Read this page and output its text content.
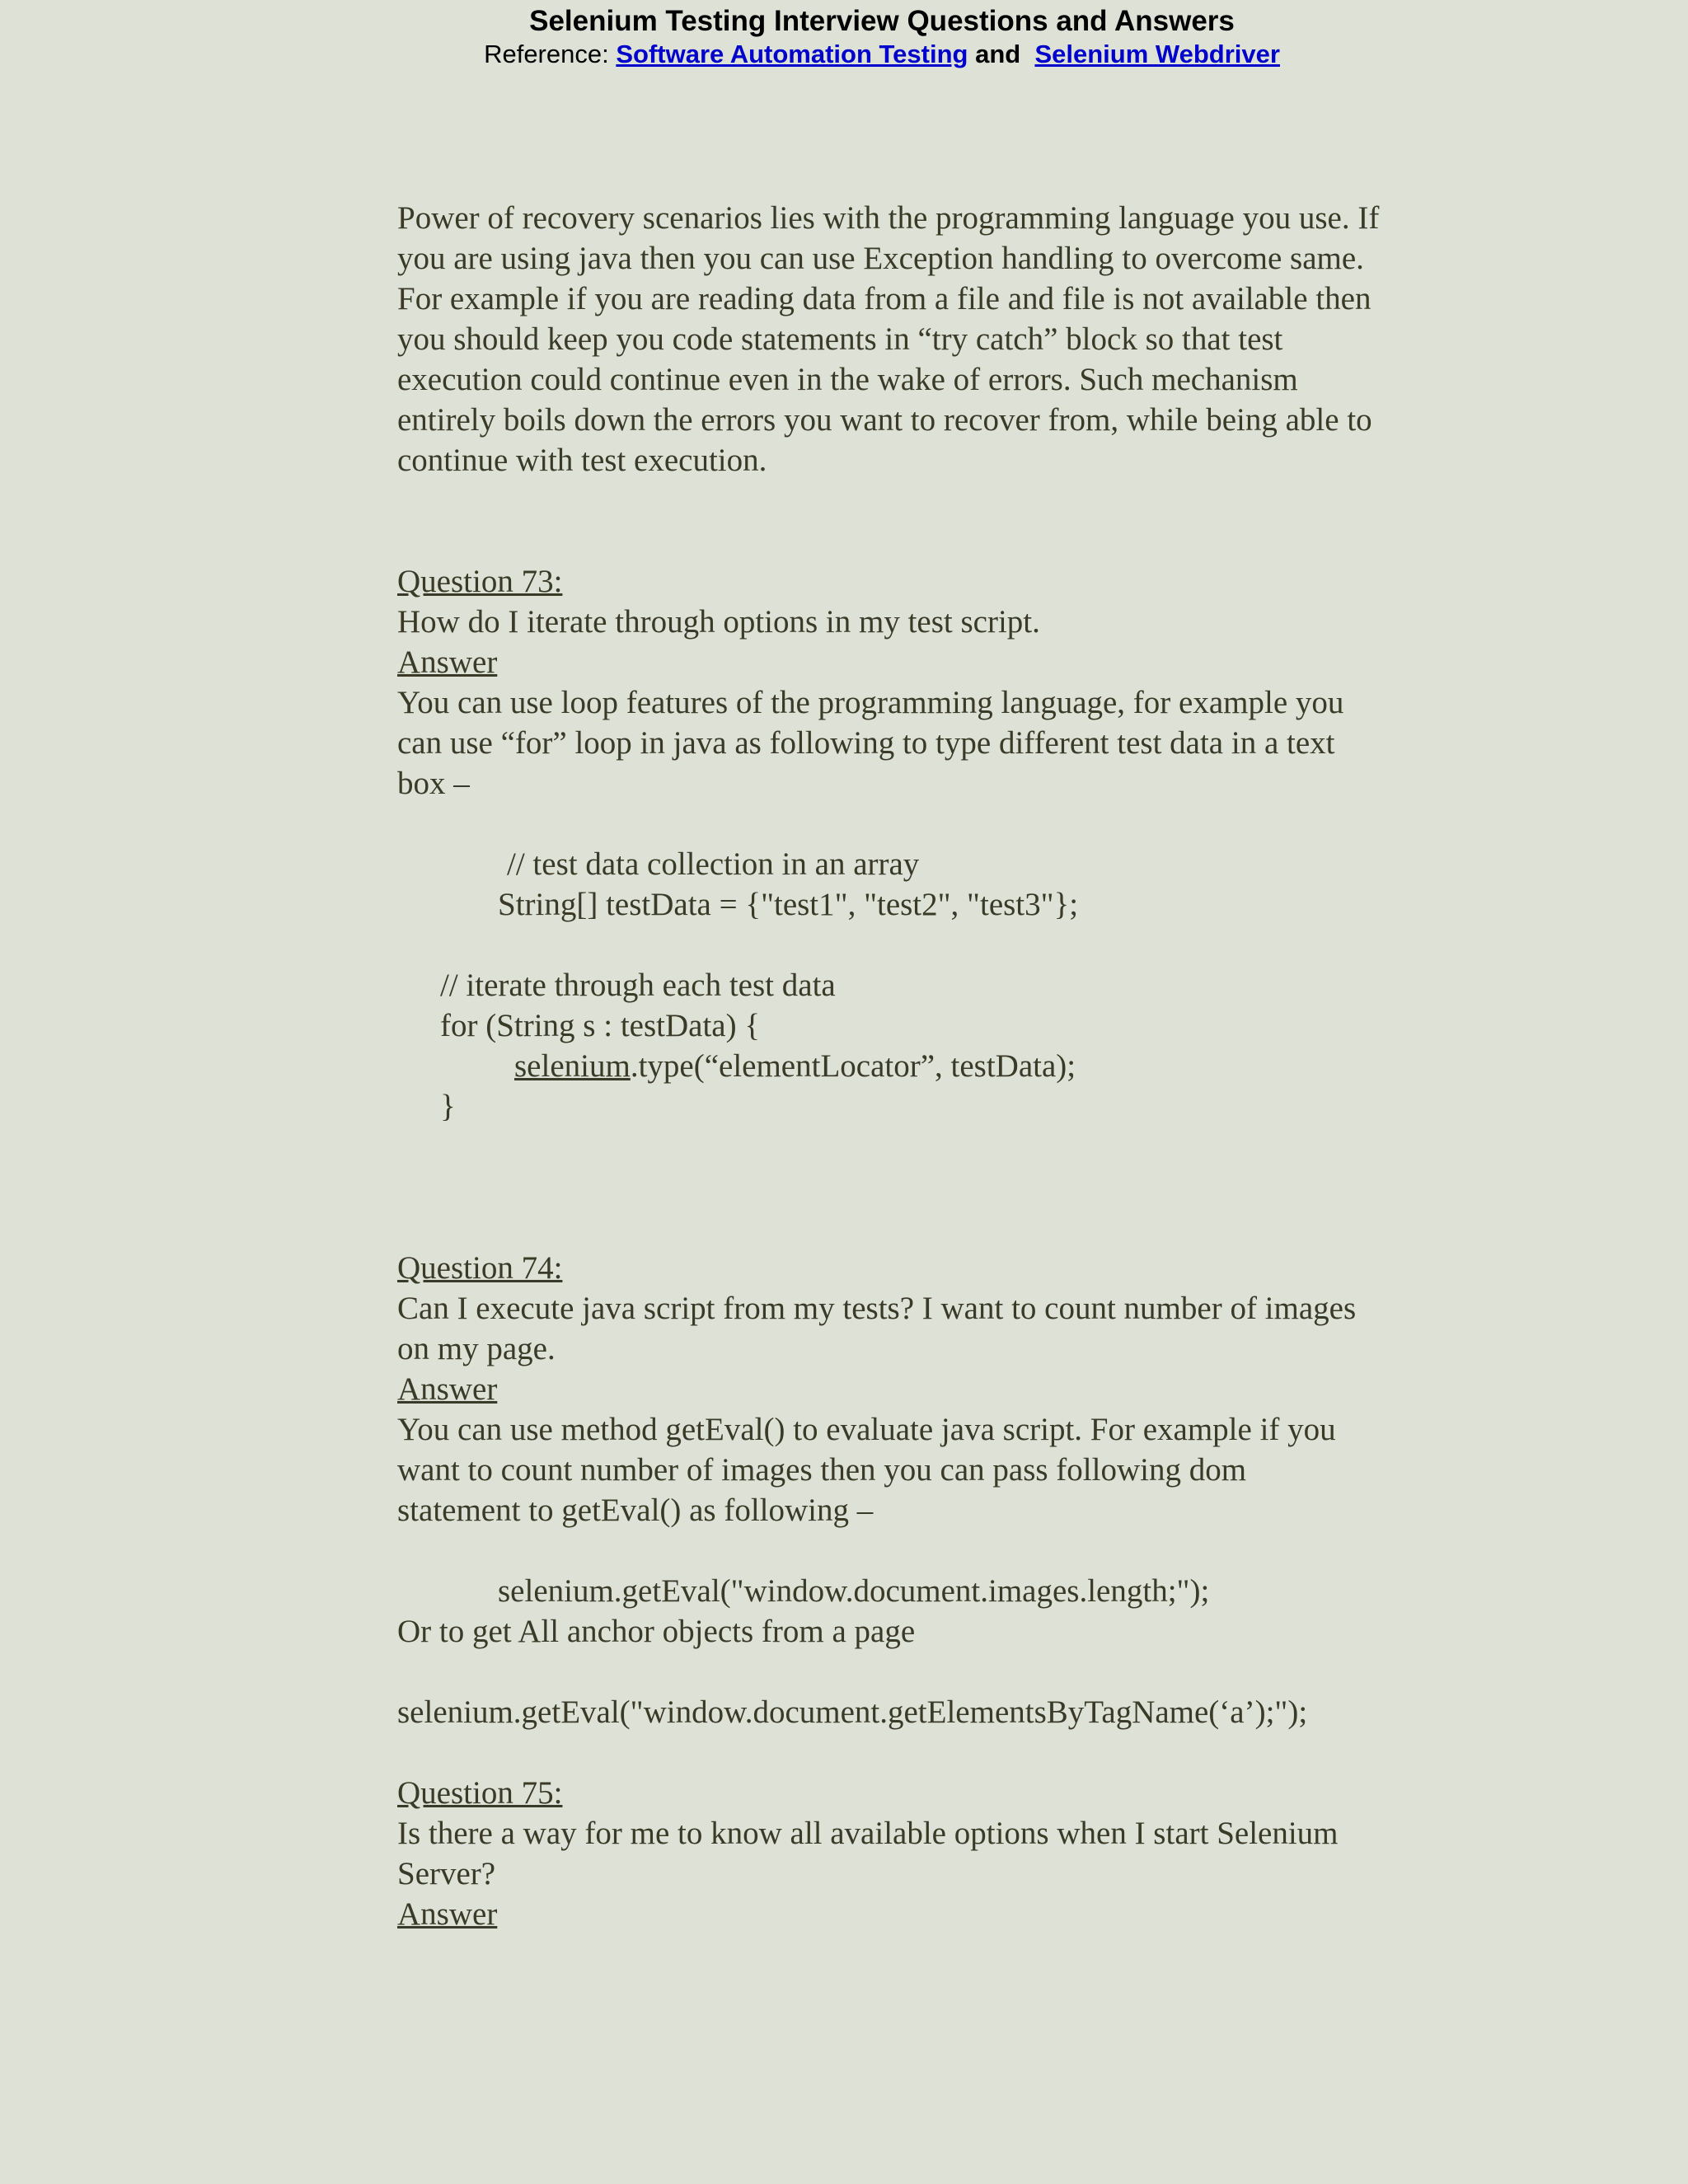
Selenium Testing Interview Questions and Answers
Reference: Software Automation Testing and Selenium Webdriver
Power of recovery scenarios lies with the programming language you use. If
you are using java then you can use Exception handling to overcome same.
For example if you are reading data from a file and file is not available then
you should keep you code statements in “try catch” block so that test
execution could continue even in the wake of errors. Such mechanism
entirely boils down the errors you want to recover from, while being able to
continue with test execution.
Question 73:
How do I iterate through options in my test script.
Answer
You can use loop features of the programming language, for example you
can use “for” loop in java as following to type different test data in a text
box –
// test data collection in an array
String[] testData = {"test1", "test2", "test3"};
// iterate through each test data
for (String s : testData) {
selenium.type(“elementLocator”, testData);
}
Question 74:
Can I execute java script from my tests? I want to count number of images
on my page.
Answer
You can use method getEval() to evaluate java script. For example if you
want to count number of images then you can pass following dom
statement to getEval() as following –
selenium.getEval("window.document.images.length;");
Or to get All anchor objects from a page
selenium.getEval("window.document.getElementsByTagName(‘a’);");
Question 75:
Is there a way for me to know all available options when I start Selenium
Server?
Answer
